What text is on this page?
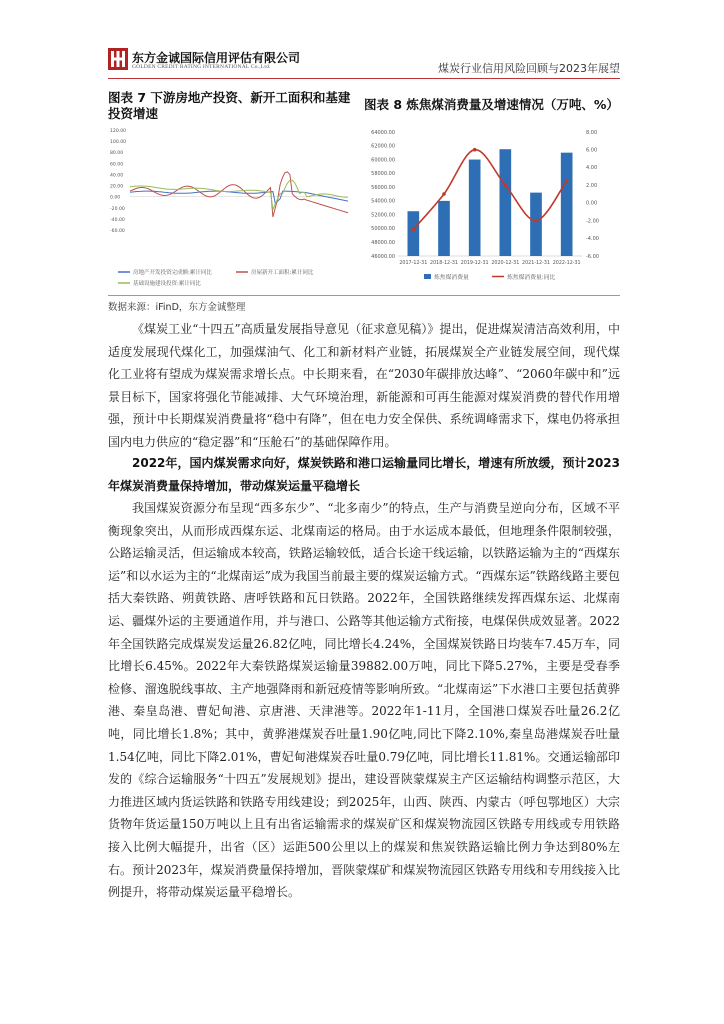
东方金诚国际信用评估有限公司
GOLDEN CREDIT RATING INTERNATIONAL Co.,Ltd.	煤炭行业信用风险回顾与2023年展望
图表 7 下游房地产投资、新开工面积和基建投资增速
图表 8 炼焦煤消费量及增速情况（万吨、%）
120.00
100.00
80.00
60.00
40.00
20.00
0.00
-20.00
-40.00
-60.00
房地产开发投资完成额:累计同比	房屋新开工面积:累计同比
基础设施建设投资:累计同比
64000.00
62000.00
60000.00
58000.00
56000.00
54000.00
52000.00
50000.00
48000.00
46000.00
8.00
6.00
4.00
2.00
0.00
-2.00
-4.00
-6.00
2017-12-31 2018-12-31 2019-12-31 2020-12-31 2021-12-31 2022-12-31
炼焦煤消费量	炼焦煤消费量:同比
数据来源：iFinD，东方金诚整理

《煤炭工业“十四五”高质量发展指导意见（征求意见稿）》提出，促进煤炭清洁高效利用，中适度发展现代煤化工，加强煤油气、化工和新材料产业链，拓展煤炭全产业链发展空间，现代煤化工业将有望成为煤炭需求增长点。中长期来看，在“2030年碳排放达峰”、“2060年碳中和”远景目标下，国家将强化节能减排、大气环境治理，新能源和可再生能源对煤炭消费的替代作用增强，预计中长期煤炭消费量将“稳中有降”，但在电力安全保供、系统调峰需求下，煤电仍将承担国内电力供应的“稳定器”和“压舱石”的基础保障作用。

2022年，国内煤炭需求向好，煤炭铁路和港口运输量同比增长，增速有所放缓，预计2023年煤炭消费量保持增加，带动煤炭运量平稳增长

我国煤炭资源分布呈现“西多东少”、“北多南少”的特点，生产与消费呈逆向分布，区域不平衡现象突出，从而形成西煤东运、北煤南运的格局。由于水运成本最低，但地理条件限制较强，公路运输灵活，但运输成本较高，铁路运输较低，适合长途干线运输，以铁路运输为主的“西煤东运”和以水运为主的“北煤南运”成为我国当前最主要的煤炭运输方式。“西煤东运”铁路线路主要包括大秦铁路、朔黄铁路、唐呼铁路和瓦日铁路。2022年，全国铁路继续发挥西煤东运、北煤南运、疆煤外运的主要通道作用，并与港口、公路等其他运输方式衔接，电煤保供成效显著。2022年全国铁路完成煤炭发运量26.82亿吨，同比增长4.24%，全国煤炭铁路日均装车7.45万车，同比增长6.45%。2022年大秦铁路煤炭运输量39882.00万吨，同比下降5.27%，主要是受春季检修、溜逸脱线事故、主产地强降雨和新冠疫情等影响所致。“北煤南运”下水港口主要包括黄骅港、秦皇岛港、曹妃甸港、京唐港、天津港等。2022年1-11月，全国港口煤炭吞吐量26.2亿吨，同比增长1.8%；其中，黄骅港煤炭吞吐量1.90亿吨,同比下降2.10%,秦皇岛港煤炭吞吐量1.54亿吨，同比下降2.01%，曹妃甸港煤炭吞吐量0.79亿吨，同比增长11.81%。交通运输部印发的《综合运输服务“十四五”发展规划》提出，建设晋陕蒙煤炭主产区运输结构调整示范区，大力推进区域内货运铁路和铁路专用线建设；到2025年，山西、陕西、内蒙古（呼包鄂地区）大宗货物年货运量150万吨以上且有出省运输需求的煤炭矿区和煤炭物流园区铁路专用线或专用铁路接入比例大幅提升，出省（区）运距500公里以上的煤炭和焦炭铁路运输比例力争达到80%左右。预计2023年，煤炭消费量保持增加，晋陕蒙煤矿和煤炭物流园区铁路专用线和专用线接入比例提升，将带动煤炭运量平稳增长。
